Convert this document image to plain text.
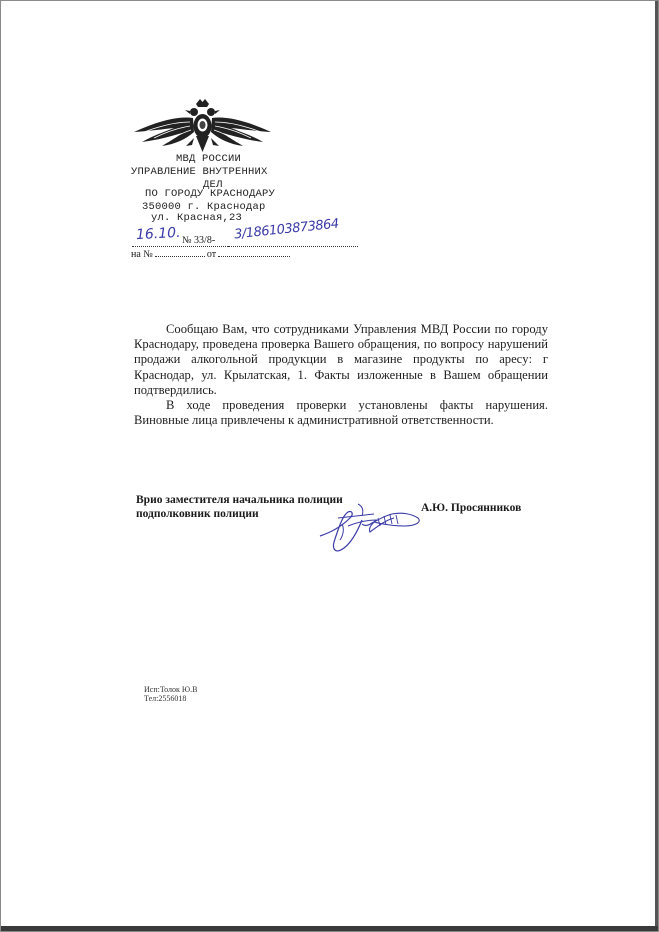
МВД РОССИИ
УПРАВЛЕНИЕ ВНУТРЕННИХ
ДЕЛ
ПО ГОРОДУ КРАСНОДАРУ
350000 г. Краснодар
ул. Красная,23
16.10. № 33/8- 3/186103873864
на №	от

Сообщаю Вам, что сотрудниками Управления МВД России по городу Краснодару, проведена проверка Вашего обращения, по вопросу нарушений продажи алкогольной продукции в магазине продукты по арecy: г Краснодар, ул. Крылатская, 1. Факты изложенные в Вашем обращении подтвердились.

В ходе проведения проверки установлены факты нарушения. Виновные лица привлечены к административной ответственности.

Врио заместителя начальника полиции
подполковник полиции	А.Ю. Просянников
Исп:Толок Ю.В
Тел:2556018
